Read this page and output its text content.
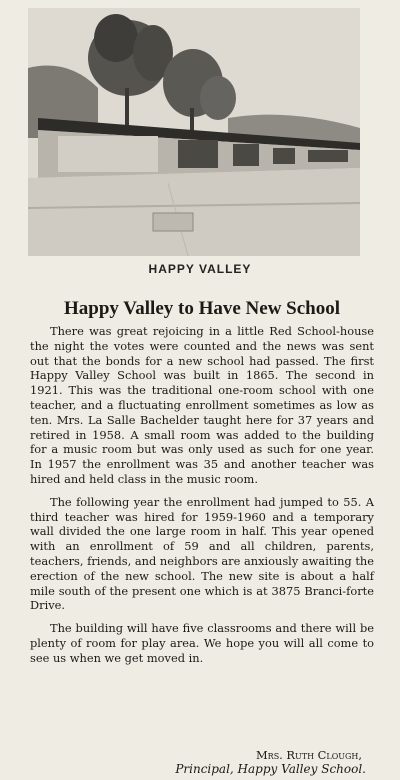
HAPPY VALLEY
Happy Valley to Have New School

There was great rejoicing in a little Red School-house the night the votes were counted and the news was sent out that the bonds for a new school had passed. The first Happy Valley School was built in 1865. The second in 1921. This was the traditional one-room school with one teacher, and a fluctuating enrollment sometimes as low as ten. Mrs. La Salle Bachelder taught here for 37 years and retired in 1958. A small room was added to the building for a music room but was only used as such for one year. In 1957 the enrollment was 35 and another teacher was hired and held class in the music room.

The following year the enrollment had jumped to 55. A third teacher was hired for 1959-1960 and a temporary wall divided the one large room in half. This year opened with an enrollment of 59 and all children, parents, teachers, friends, and neighbors are anxiously awaiting the erection of the new school. The new site is about a half mile south of the present one which is at 3875 Branci-forte Drive.

The building will have five classrooms and there will be plenty of room for play area. We hope you will all come to see us when we get moved in.

Mrs. Ruth Clough,
Principal, Happy Valley School.
